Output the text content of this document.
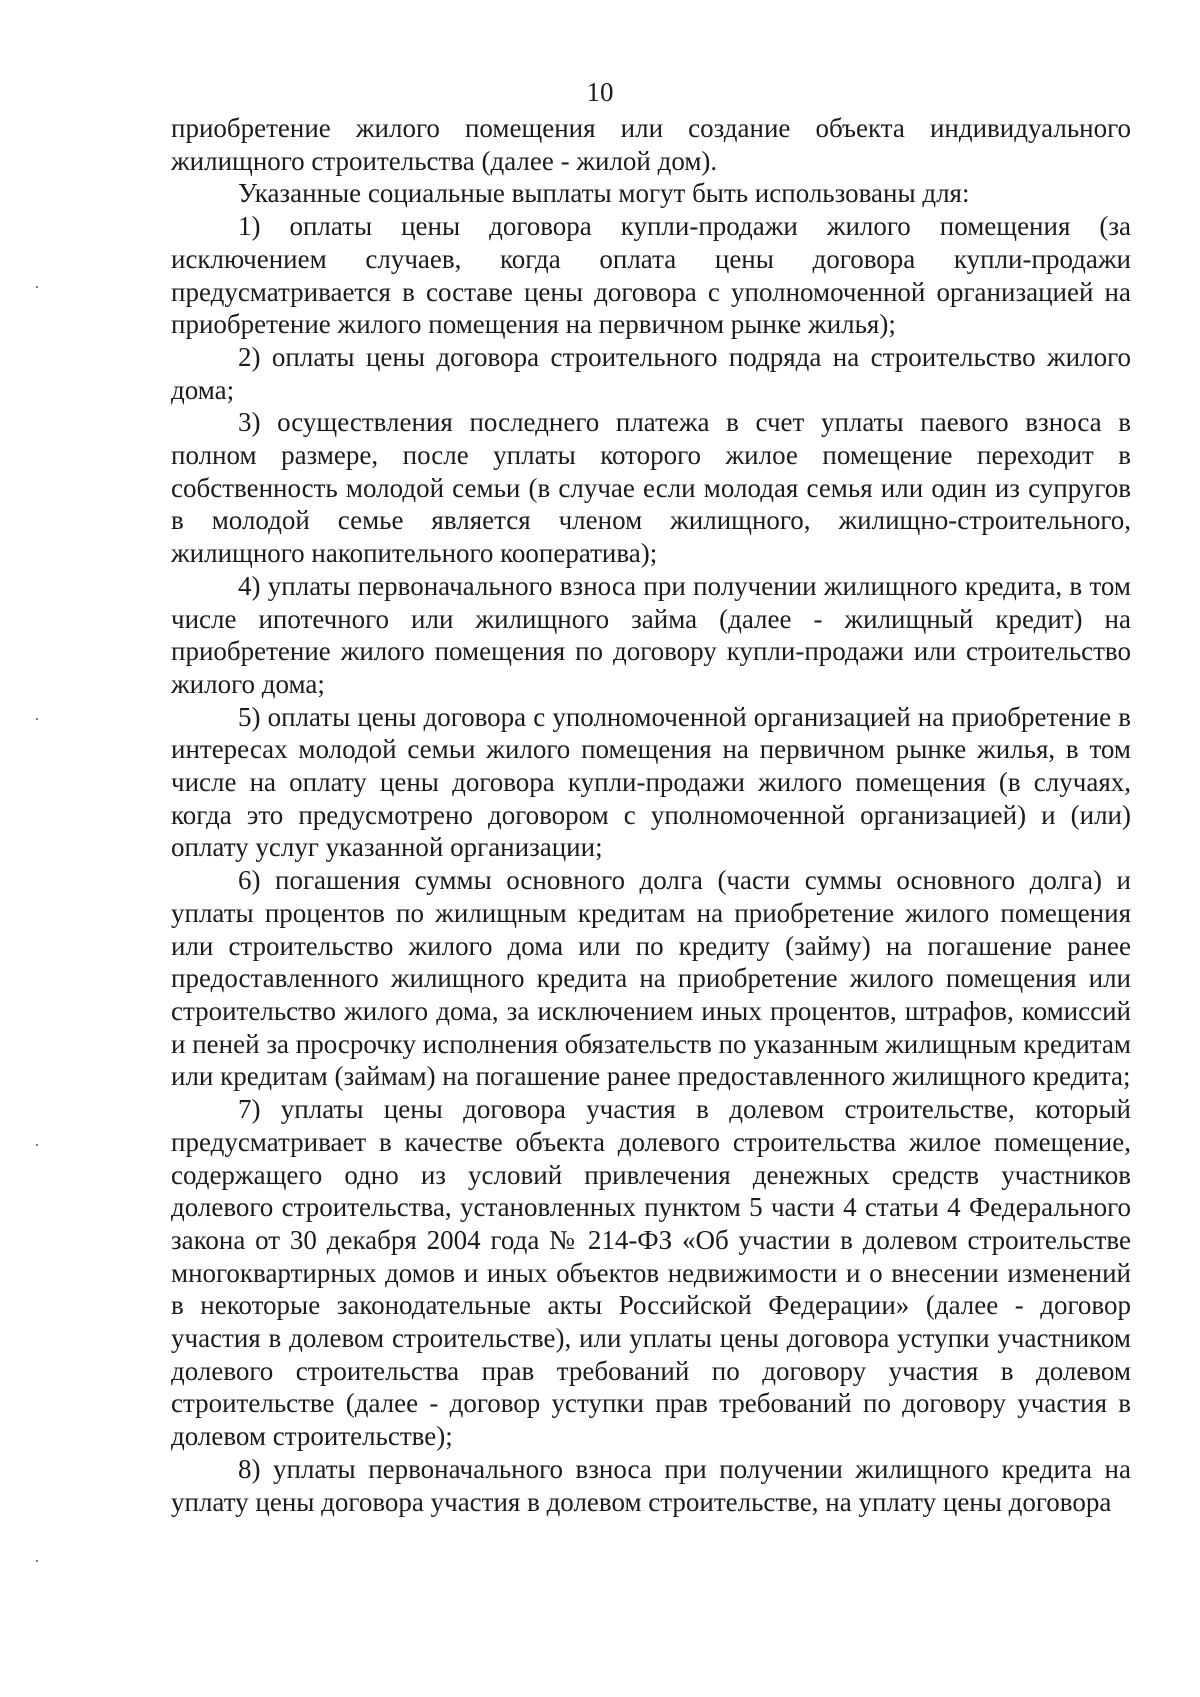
10

приобретение жилого помещения или создание объекта индивидуального жилищного строительства (далее - жилой дом).

Указанные социальные выплаты могут быть использованы для:

1) оплаты цены договора купли-продажи жилого помещения (за исключением случаев, когда оплата цены договора купли-продажи предусматривается в составе цены договора с уполномоченной организацией на приобретение жилого помещения на первичном рынке жилья);

2) оплаты цены договора строительного подряда на строительство жилого дома;

3) осуществления последнего платежа в счет уплаты паевого взноса в полном размере, после уплаты которого жилое помещение переходит в собственность молодой семьи (в случае если молодая семья или один из супругов в молодой семье является членом жилищного, жилищно-строительного, жилищного накопительного кооператива);

4) уплаты первоначального взноса при получении жилищного кредита, в том числе ипотечного или жилищного займа (далее - жилищный кредит) на приобретение жилого помещения по договору купли-продажи или строительство жилого дома;

5) оплаты цены договора с уполномоченной организацией на приобретение в интересах молодой семьи жилого помещения на первичном рынке жилья, в том числе на оплату цены договора купли-продажи жилого помещения (в случаях, когда это предусмотрено договором с уполномоченной организацией) и (или) оплату услуг указанной организации;

6) погашения суммы основного долга (части суммы основного долга) и уплаты процентов по жилищным кредитам на приобретение жилого помещения или строительство жилого дома или по кредиту (займу) на погашение ранее предоставленного жилищного кредита на приобретение жилого помещения или строительство жилого дома, за исключением иных процентов, штрафов, комиссий и пеней за просрочку исполнения обязательств по указанным жилищным кредитам или кредитам (займам) на погашение ранее предоставленного жилищного кредита;

7) уплаты цены договора участия в долевом строительстве, который предусматривает в качестве объекта долевого строительства жилое помещение, содержащего одно из условий привлечения денежных средств участников долевого строительства, установленных пунктом 5 части 4 статьи 4 Федерального закона от 30 декабря 2004 года № 214-ФЗ «Об участии в долевом строительстве многоквартирных домов и иных объектов недвижимости и о внесении изменений в некоторые законодательные акты Российской Федерации» (далее - договор участия в долевом строительстве), или уплаты цены договора уступки участником долевого строительства прав требований по договору участия в долевом строительстве (далее - договор уступки прав требований по договору участия в долевом строительстве);

8) уплаты первоначального взноса при получении жилищного кредита на уплату цены договора участия в долевом строительстве, на уплату цены договора
